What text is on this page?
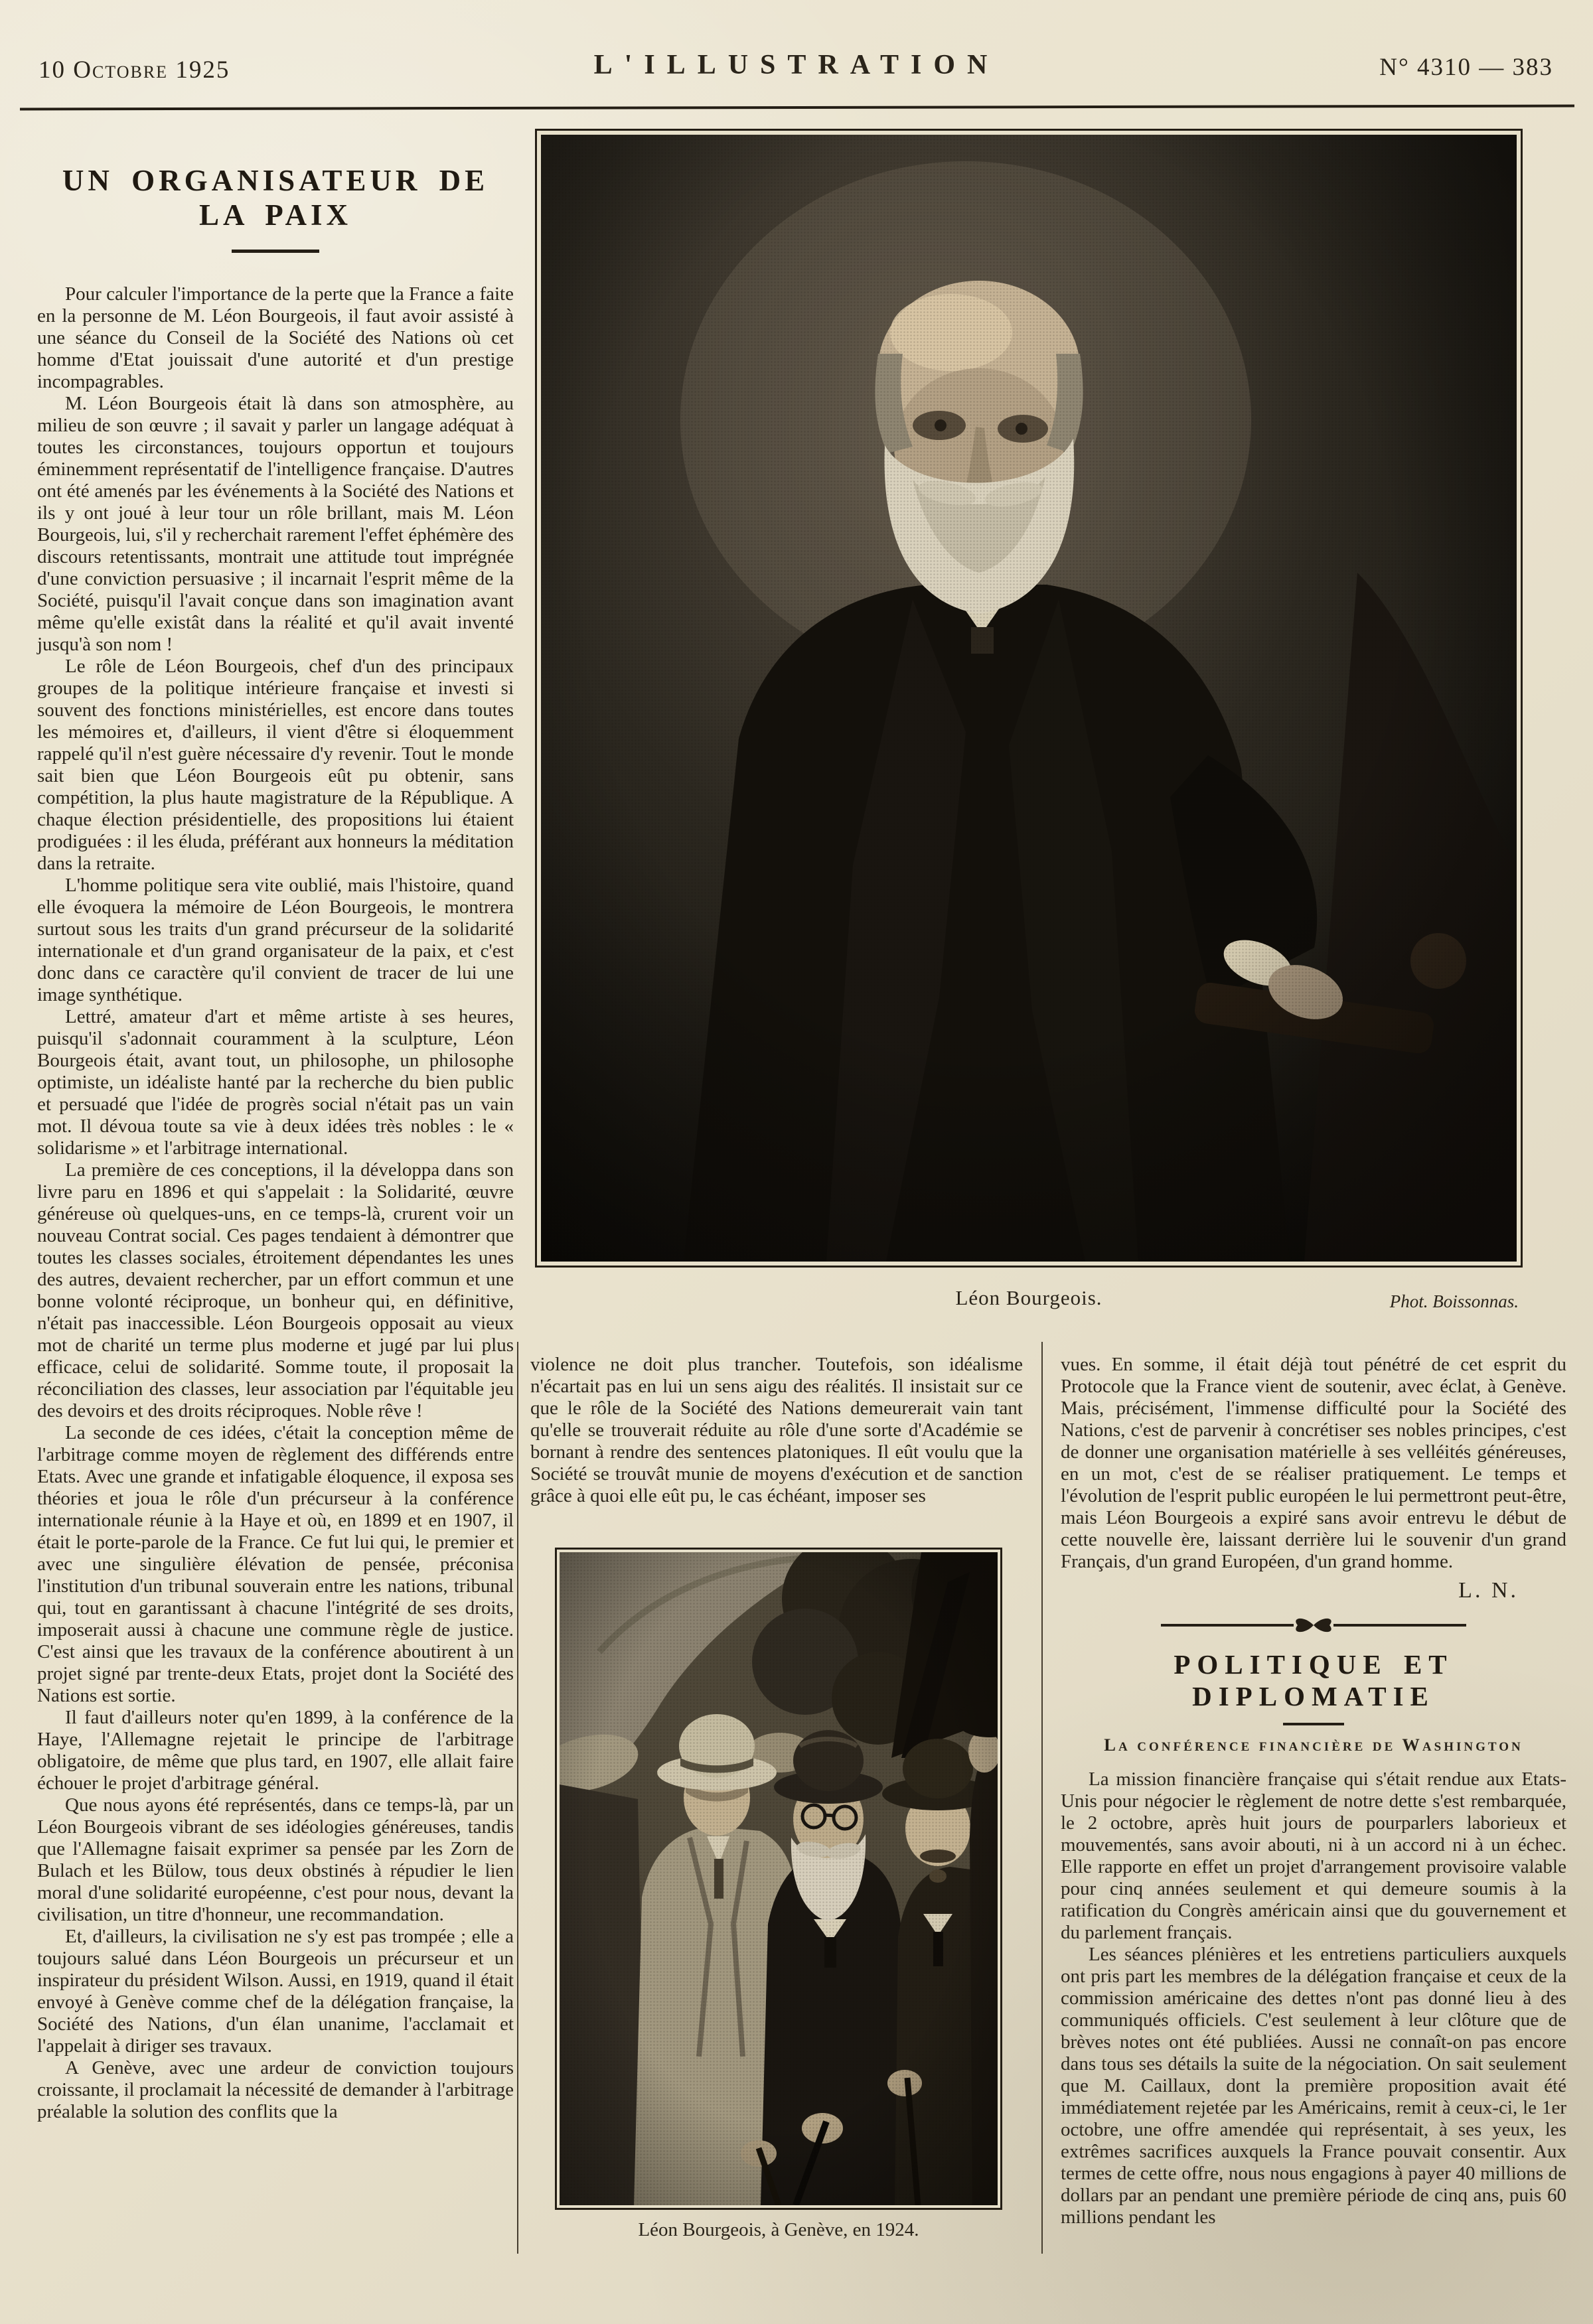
10 Octobre 1925	L'ILLUSTRATION	N° 4310 — 383
UN ORGANISATEUR DE LA PAIX

Pour calculer l'importance de la perte que la France a faite en la personne de M. Léon Bourgeois, il faut avoir assisté à une séance du Conseil de la Société des Nations où cet homme d'Etat jouissait d'une autorité et d'un prestige incompagrables.

M. Léon Bourgeois était là dans son atmosphère, au milieu de son œuvre ; il savait y parler un langage adéquat à toutes les circonstances, toujours opportun et toujours éminemment représentatif de l'intelligence française. D'autres ont été amenés par les événements à la Société des Nations et ils y ont joué à leur tour un rôle brillant, mais M. Léon Bourgeois, lui, s'il y recherchait rarement l'effet éphémère des discours retentissants, montrait une attitude tout imprégnée d'une conviction persuasive ; il incarnait l'esprit même de la Société, puisqu'il l'avait conçue dans son imagination avant même qu'elle existât dans la réalité et qu'il avait inventé jusqu'à son nom !

Le rôle de Léon Bourgeois, chef d'un des principaux groupes de la politique intérieure française et investi si souvent des fonctions ministérielles, est encore dans toutes les mémoires et, d'ailleurs, il vient d'être si éloquemment rappelé qu'il n'est guère nécessaire d'y revenir. Tout le monde sait bien que Léon Bourgeois eût pu obtenir, sans compétition, la plus haute magistrature de la République. A chaque élection présidentielle, des propositions lui étaient prodiguées : il les éluda, préférant aux honneurs la méditation dans la retraite.

L'homme politique sera vite oublié, mais l'histoire, quand elle évoquera la mémoire de Léon Bourgeois, le montrera surtout sous les traits d'un grand précurseur de la solidarité internationale et d'un grand organisateur de la paix, et c'est donc dans ce caractère qu'il convient de tracer de lui une image synthétique.

Lettré, amateur d'art et même artiste à ses heures, puisqu'il s'adonnait couramment à la sculpture, Léon Bourgeois était, avant tout, un philosophe, un philosophe optimiste, un idéaliste hanté par la recherche du bien public et persuadé que l'idée de progrès social n'était pas un vain mot. Il dévoua toute sa vie à deux idées très nobles : le « solidarisme » et l'arbitrage international.

La première de ces conceptions, il la développa dans son livre paru en 1896 et qui s'appelait : la Solidarité, œuvre généreuse où quelques-uns, en ce temps-là, crurent voir un nouveau Contrat social. Ces pages tendaient à démontrer que toutes les classes sociales, étroitement dépendantes les unes des autres, devaient rechercher, par un effort commun et une bonne volonté réciproque, un bonheur qui, en définitive, n'était pas inaccessible. Léon Bourgeois opposait au vieux mot de charité un terme plus moderne et jugé par lui plus efficace, celui de solidarité. Somme toute, il proposait la réconciliation des classes, leur association par l'équitable jeu des devoirs et des droits réciproques. Noble rêve !

La seconde de ces idées, c'était la conception même de l'arbitrage comme moyen de règlement des différends entre Etats. Avec une grande et infatigable éloquence, il exposa ses théories et joua le rôle d'un précurseur à la conférence internationale réunie à la Haye et où, en 1899 et en 1907, il était le porte-parole de la France. Ce fut lui qui, le premier et avec une singulière élévation de pensée, préconisa l'institution d'un tribunal souverain entre les nations, tribunal qui, tout en garantissant à chacune l'intégrité de ses droits, imposerait aussi à chacune une commune règle de justice. C'est ainsi que les travaux de la conférence aboutirent à un projet signé par trente-deux Etats, projet dont la Société des Nations est sortie.

Il faut d'ailleurs noter qu'en 1899, à la conférence de la Haye, l'Allemagne rejetait le principe de l'arbitrage obligatoire, de même que plus tard, en 1907, elle allait faire échouer le projet d'arbitrage général.

Que nous ayons été représentés, dans ce temps-là, par un Léon Bourgeois vibrant de ses idéologies généreuses, tandis que l'Allemagne faisait exprimer sa pensée par les Zorn de Bulach et les Bülow, tous deux obstinés à répudier le lien moral d'une solidarité européenne, c'est pour nous, devant la civilisation, un titre d'honneur, une recommandation.

Et, d'ailleurs, la civilisation ne s'y est pas trompée ; elle a toujours salué dans Léon Bourgeois un précurseur et un inspirateur du président Wilson. Aussi, en 1919, quand il était envoyé à Genève comme chef de la délégation française, la Société des Nations, d'un élan unanime, l'acclamait et l'appelait à diriger ses travaux.

A Genève, avec une ardeur de conviction toujours croissante, il proclamait la nécessité de demander à l'arbitrage préalable la solution des conflits que la

Léon Bourgeois.	Phot. Boissonnas.

violence ne doit plus trancher. Toutefois, son idéalisme n'écartait pas en lui un sens aigu des réalités. Il insistait sur ce que le rôle de la Société des Nations demeurerait vain tant qu'elle se trouverait réduite au rôle d'une sorte d'Académie se bornant à rendre des sentences platoniques. Il eût voulu que la Société se trouvât munie de moyens d'exécution et de sanction grâce à quoi elle eût pu, le cas échéant, imposer ses

Léon Bourgeois, à Genève, en 1924.

vues. En somme, il était déjà tout pénétré de cet esprit du Protocole que la France vient de soutenir, avec éclat, à Genève. Mais, précisément, l'immense difficulté pour la Société des Nations, c'est de parvenir à concrétiser ses nobles principes, c'est de donner une organisation matérielle à ses velléités généreuses, en un mot, c'est de se réaliser pratiquement. Le temps et l'évolution de l'esprit public européen le lui permettront peut-être, mais Léon Bourgeois a expiré sans avoir entrevu le début de cette nouvelle ère, laissant derrière lui le souvenir d'un grand Français, d'un grand Européen, d'un grand homme.

L. N.
POLITIQUE ET DIPLOMATIE
La conférence financière de Washington

La mission financière française qui s'était rendue aux Etats-Unis pour négocier le règlement de notre dette s'est rembarquée, le 2 octobre, après huit jours de pourparlers laborieux et mouvementés, sans avoir abouti, ni à un accord ni à un échec. Elle rapporte en effet un projet d'arrangement provisoire valable pour cinq années seulement et qui demeure soumis à la ratification du Congrès américain ainsi que du gouvernement et du parlement français.

Les séances plénières et les entretiens particuliers auxquels ont pris part les membres de la délégation française et ceux de la commission américaine des dettes n'ont pas donné lieu à des communiqués officiels. C'est seulement à leur clôture que de brèves notes ont été publiées. Aussi ne connaît-on pas encore dans tous ses détails la suite de la négociation. On sait seulement que M. Caillaux, dont la première proposition avait été immédiatement rejetée par les Américains, remit à ceux-ci, le 1er octobre, une offre amendée qui représentait, à ses yeux, les extrêmes sacrifices auxquels la France pouvait consentir. Aux termes de cette offre, nous nous engagions à payer 40 millions de dollars par an pendant une première période de cinq ans, puis 60 millions pendant les
